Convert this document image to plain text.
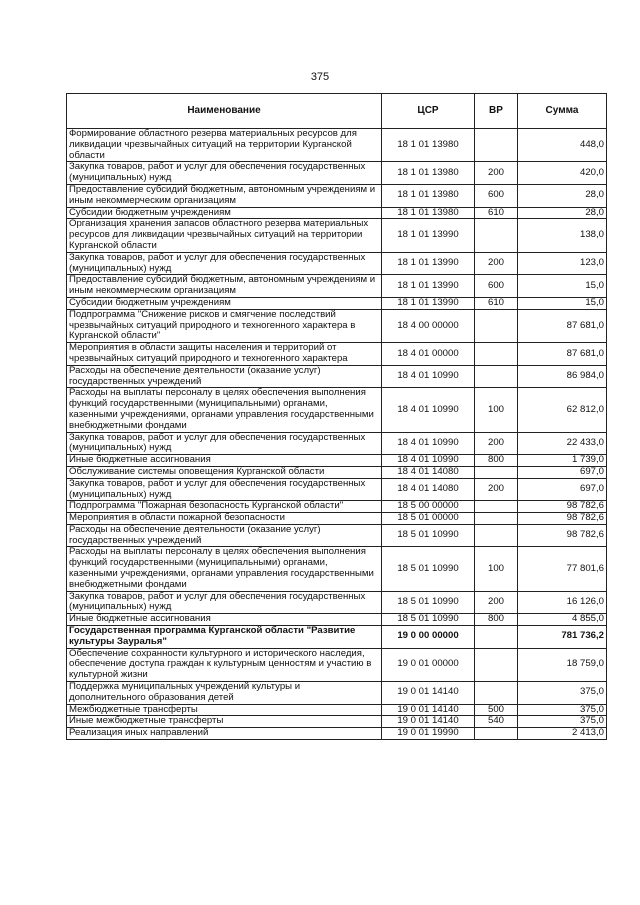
375
Наименование	ЦСР	ВР	Сумма
Формирование областного резерва материальных ресурсов для ликвидации чрезвычайных ситуаций на территории Курганской области	18 1 01 13980		448,0
Закупка товаров, работ и услуг для обеспечения государственных (муниципальных) нужд	18 1 01 13980	200	420,0
Предоставление субсидий бюджетным, автономным учреждениям и иным некоммерческим организациям	18 1 01 13980	600	28,0
Субсидии бюджетным учреждениям	18 1 01 13980	610	28,0
Организация хранения запасов областного резерва материальных ресурсов для ликвидации чрезвычайных ситуаций на территории Курганской области	18 1 01 13990		138,0
Закупка товаров, работ и услуг для обеспечения государственных (муниципальных) нужд	18 1 01 13990	200	123,0
Предоставление субсидий бюджетным, автономным учреждениям и иным некоммерческим организациям	18 1 01 13990	600	15,0
Субсидии бюджетным учреждениям	18 1 01 13990	610	15,0
Подпрограмма "Снижение рисков и смягчение последствий чрезвычайных ситуаций природного и техногенного характера в Курганской области"	18 4 00 00000		87 681,0
Мероприятия в области защиты населения и территорий от чрезвычайных ситуаций природного и техногенного характера	18 4 01 00000		87 681,0
Расходы на обеспечение деятельности (оказание услуг) государственных учреждений	18 4 01 10990		86 984,0
Расходы на выплаты персоналу в целях обеспечения выполнения функций государственными (муниципальными) органами, казенными учреждениями, органами управления государственными внебюджетными фондами	18 4 01 10990	100	62 812,0
Закупка товаров, работ и услуг для обеспечения государственных (муниципальных) нужд	18 4 01 10990	200	22 433,0
Иные бюджетные ассигнования	18 4 01 10990	800	1 739,0
Обслуживание системы оповещения Курганской области	18 4 01 14080		697,0
Закупка товаров, работ и услуг для обеспечения государственных (муниципальных) нужд	18 4 01 14080	200	697,0
Подпрограмма "Пожарная безопасность Курганской области"	18 5 00 00000		98 782,6
Мероприятия в области пожарной безопасности	18 5 01 00000		98 782,6
Расходы на обеспечение деятельности (оказание услуг) государственных учреждений	18 5 01 10990		98 782,6
Расходы на выплаты персоналу в целях обеспечения выполнения функций государственными (муниципальными) органами, казенными учреждениями, органами управления государственными внебюджетными фондами	18 5 01 10990	100	77 801,6
Закупка товаров, работ и услуг для обеспечения государственных (муниципальных) нужд	18 5 01 10990	200	16 126,0
Иные бюджетные ассигнования	18 5 01 10990	800	4 855,0
Государственная программа Курганской области "Развитие культуры Зауралья"	19 0 00 00000		781 736,2
Обеспечение сохранности культурного и исторического наследия, обеспечение доступа граждан к культурным ценностям и участию в культурной жизни	19 0 01 00000		18 759,0
Поддержка муниципальных учреждений культуры и дополнительного образования детей	19 0 01 14140		375,0
Межбюджетные трансферты	19 0 01 14140	500	375,0
Иные межбюджетные трансферты	19 0 01 14140	540	375,0
Реализация иных направлений	19 0 01 19990		2 413,0
